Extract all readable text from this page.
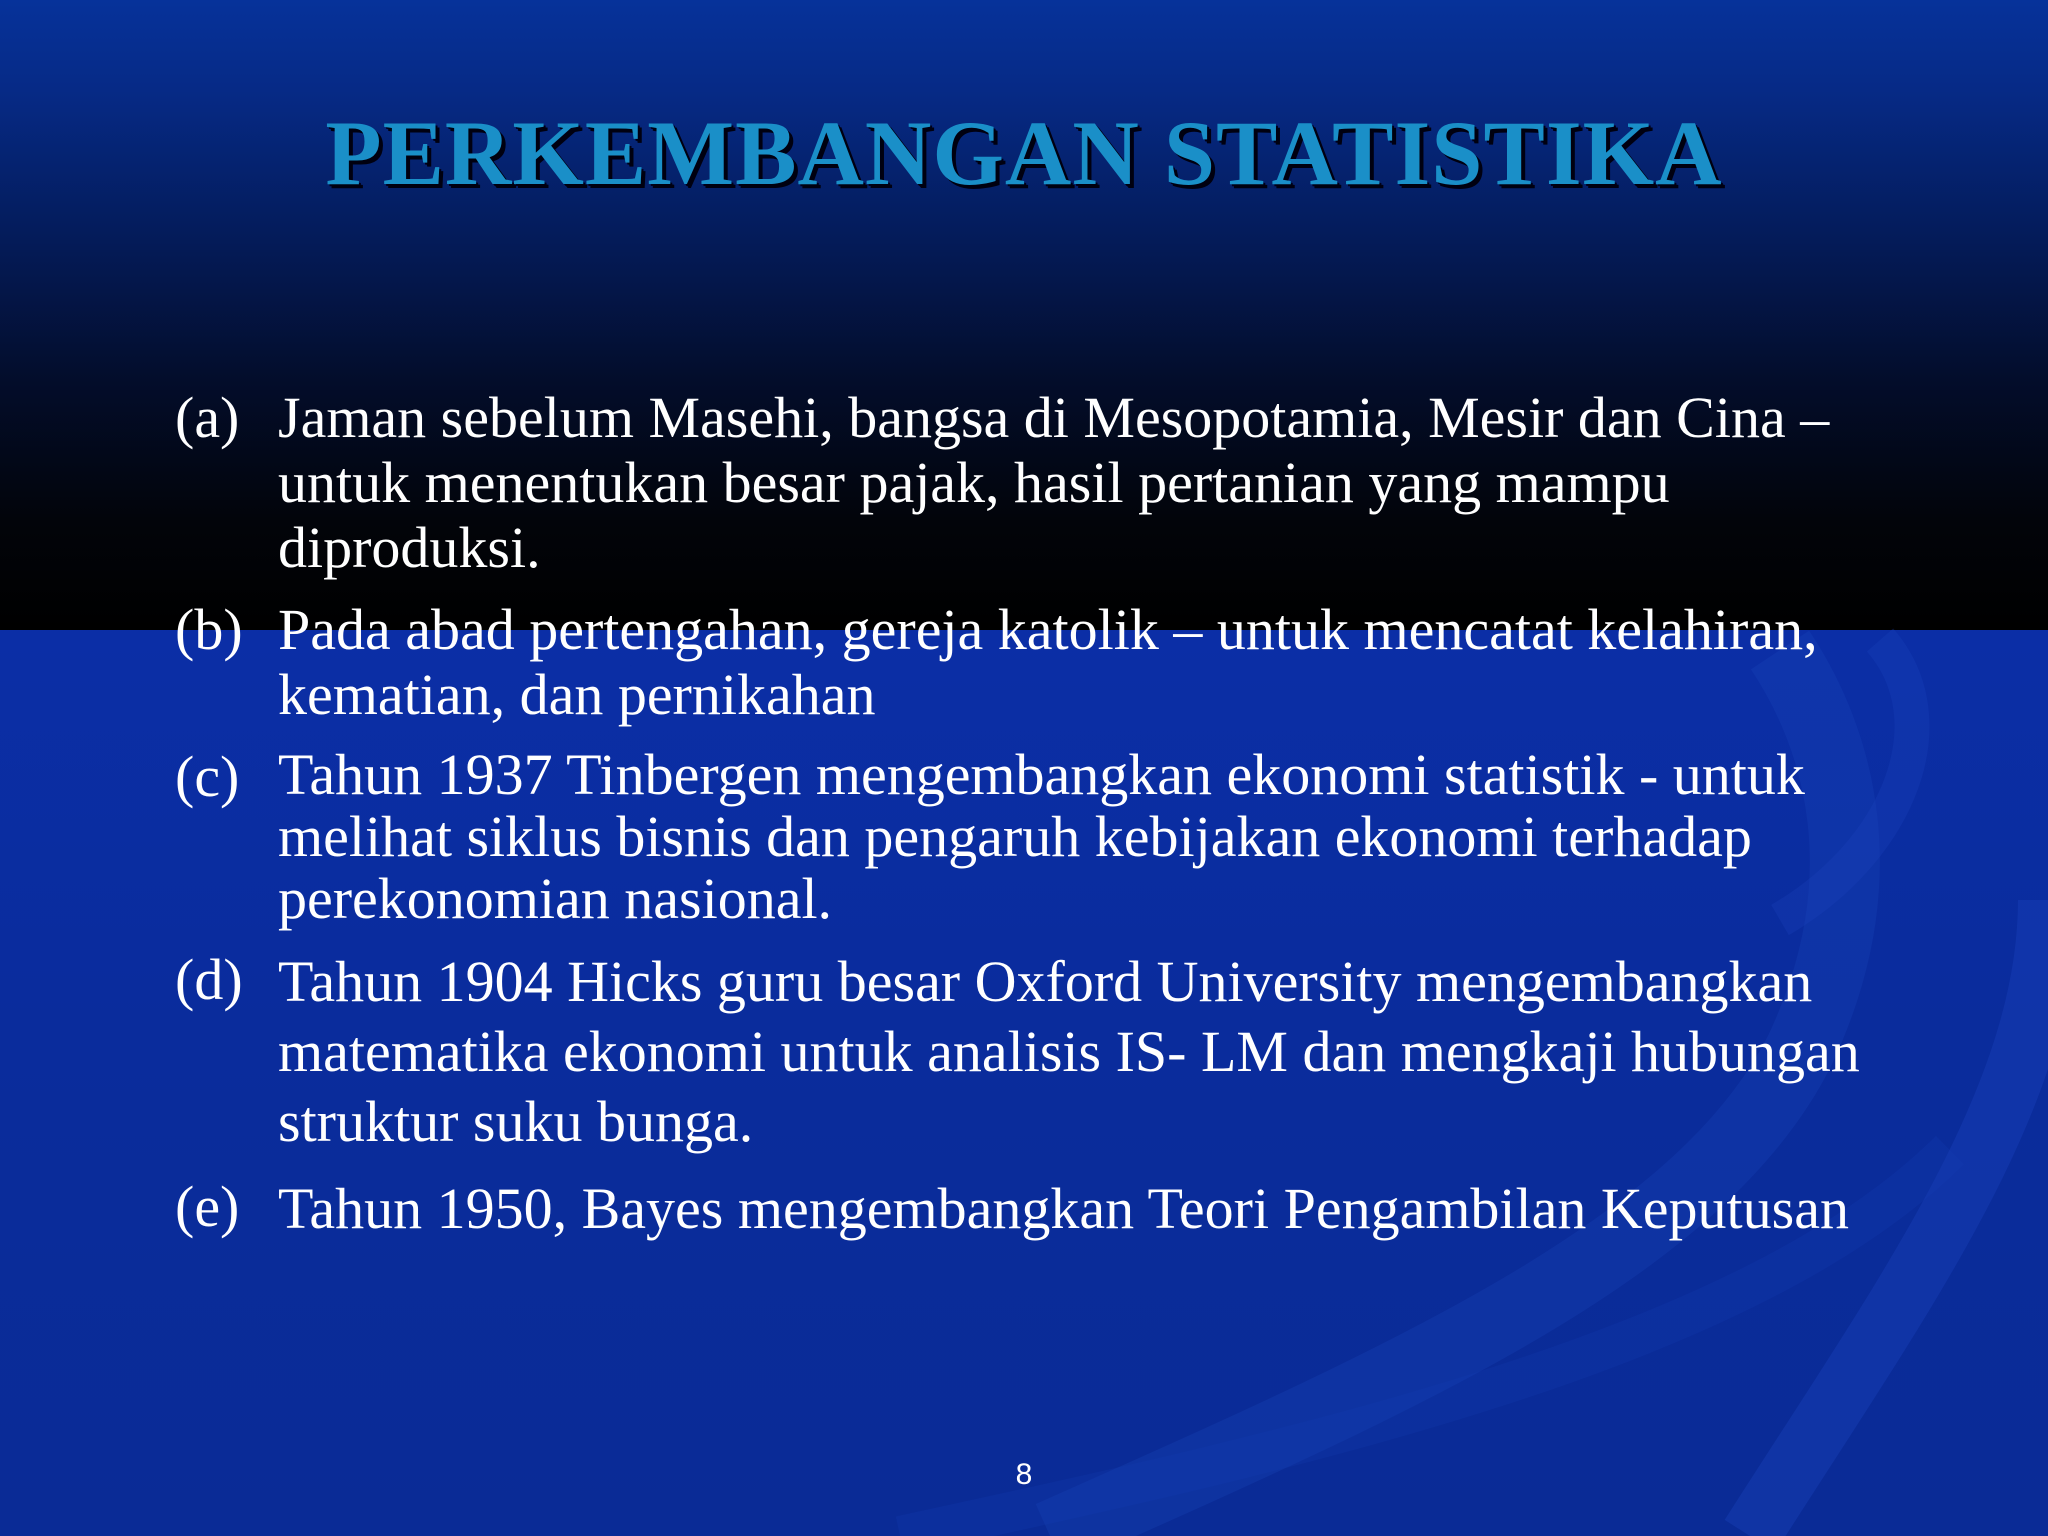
PERKEMBANGAN STATISTIKA
(a) Jaman sebelum Masehi, bangsa di Mesopotamia, Mesir dan Cina – untuk menentukan besar pajak, hasil pertanian yang mampu diproduksi.
(b) Pada abad pertengahan, gereja katolik – untuk mencatat kelahiran, kematian, dan pernikahan
(c) Tahun 1937 Tinbergen mengembangkan ekonomi statistik - untuk melihat siklus bisnis dan pengaruh kebijakan ekonomi terhadap perekonomian nasional.
(d) Tahun 1904 Hicks guru besar Oxford University mengembangkan matematika ekonomi untuk analisis IS- LM dan mengkaji hubungan struktur suku bunga.
(e) Tahun 1950, Bayes mengembangkan Teori Pengambilan Keputusan
8
